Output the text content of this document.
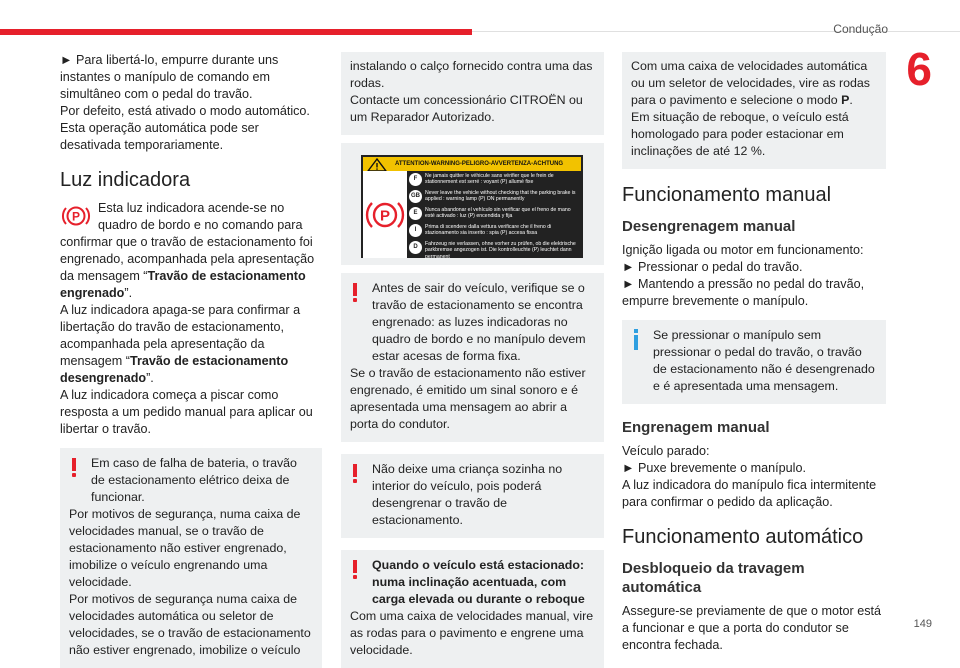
Condução
6
149

► Para libertá-lo, empurre durante uns instantes o manípulo de comando em simultâneo com o pedal do travão.

Por defeito, está ativado o modo automático.

Esta operação automática pode ser desativada temporariamente.

Luz indicadora
P

Esta luz indicadora acende-se no quadro de bordo e no comando para confirmar que o travão de estacionamento foi engrenado, acompanhada pela apresentação da mensagem “Travão de estacionamento engrenado”.

A luz indicadora apaga-se para confirmar a libertação do travão de estacionamento, acompanhada pela apresentação da mensagem “Travão de estacionamento desengrenado”.

A luz indicadora começa a piscar como resposta a um pedido manual para aplicar ou libertar o travão.

Em caso de falha de bateria, o travão de estacionamento elétrico deixa de funcionar.

Por motivos de segurança, numa caixa de velocidades manual, se o travão de estacionamento não estiver engrenado, imobilize o veículo engrenando uma velocidade.

Por motivos de segurança numa caixa de velocidades automática ou seletor de velocidades, se o travão de estacionamento não estiver engrenado, imobilize o veículo

instalando o calço fornecido contra uma das rodas.

Contacte um concessionário CITROËN ou um Reparador Autorizado.

ATTENTION-WARNING-PELIGRO-AVVERTENZA-ACHTUNG
P
F	Ne jamais quitter le véhicule sans vérifier que le frein de stationnement est serré : voyant (P) allumé fixe
GB Never leave the vehicle without checking that the parking brake is applied : warning lamp (P) ON permanently
E	Nunca abandonar el vehículo sin verificar que el freno de mano esté activado : luz (P) encendida y fija
I	Prima di scendere dalla vettura verificare che il freno di stazionamento sia inserito : spia (P) accesa fissa
D	Fahrzeug nie verlassen, ohne vorher zu prüfen, ob die elektrische parkbremse angezogen ist. Die kontrolleuchte (P) leuchtet dann permanent

Antes de sair do veículo, verifique se o travão de estacionamento se encontra engrenado: as luzes indicadoras no quadro de bordo e no manípulo devem estar acesas de forma fixa.

Se o travão de estacionamento não estiver engrenado, é emitido um sinal sonoro e é apresentada uma mensagem ao abrir a porta do condutor.

Não deixe uma criança sozinha no interior do veículo, pois poderá desengrenar o travão de estacionamento.

Quando o veículo está estacionado: numa inclinação acentuada, com carga elevada ou durante o reboque

Com uma caixa de velocidades manual, vire as rodas para o pavimento e engrene uma velocidade.

Com uma caixa de velocidades automática ou um seletor de velocidades, vire as rodas para o pavimento e selecione o modo P.

Em situação de reboque, o veículo está homologado para poder estacionar em inclinações de até 12 %.

Funcionamento manual
Desengrenagem manual

Ignição ligada ou motor em funcionamento:

► Pressionar o pedal do travão.

► Mantendo a pressão no pedal do travão, empurre brevemente o manípulo.

Se pressionar o manípulo sem pressionar o pedal do travão, o travão de estacionamento não é desengrenado e é apresentada uma mensagem.

Engrenagem manual

Veículo parado:

► Puxe brevemente o manípulo.

A luz indicadora do manípulo fica intermitente para confirmar o pedido da aplicação.

Funcionamento automático
Desbloqueio da travagem automática

Assegure-se previamente de que o motor está a funcionar e que a porta do condutor se encontra fechada.
